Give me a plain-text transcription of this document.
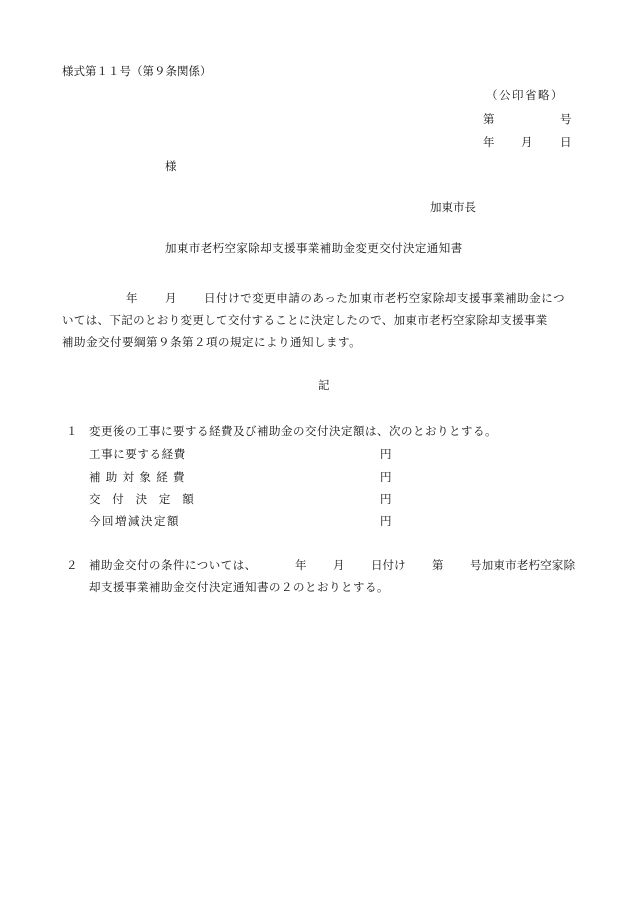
様式第１１号（第９条関係）
（公印省略）
第	号
年 月 日
様
加東市長
加東市老朽空家除却支援事業補助金変更交付決定通知書
年 月 日付けで変更申請のあった加東市老朽空家除却支援事業補助金につ
いては、下記のとおり変更して交付することに決定したので、加東市老朽空家除却支援事業
補助金交付要綱第９条第２項の規定により通知します。
記
１ 変更後の工事に要する経費及び補助金の交付決定額は、次のとおりとする。
工事に要する経費	円
補助対象経費	円
交付決定額	円
今回増減決定額	円
２ 補助金交付の条件については、	年 月 日付け 第 号加東市老朽空家除
却支援事業補助金交付決定通知書の２のとおりとする。
